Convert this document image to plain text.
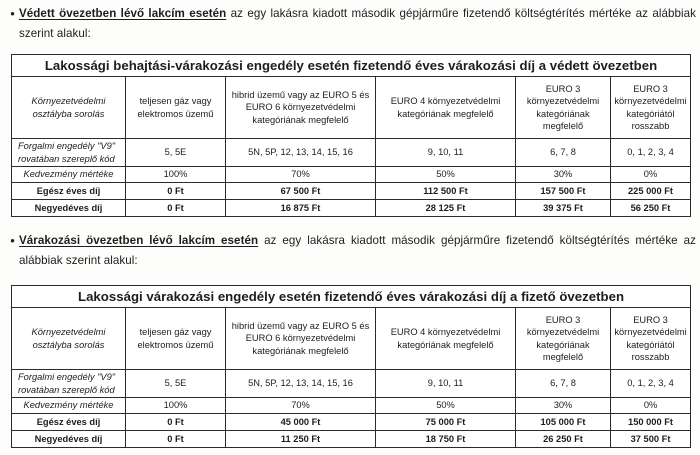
• Védett övezetben lévő lakcím esetén az egy lakásra kiadott második gépjárműre fizetendő költségtérítés mértéke az alábbiak szerint alakul:
Lakossági behajtási-várakozási engedély esetén fizetendő éves várakozási díj a védett övezetben					
Környezetvédelmi osztályba sorolás	teljesen gáz vagy elektromos üzemű	hibrid üzemű vagy az EURO 5 és EURO 6 környezetvédelmi kategóriának megfelelő	EURO 4 környezetvédelmi kategóriának megfelelő	EURO 3 környezetvédelmi kategóriának megfelelő	EURO 3 környezetvédelmi kategóriától rosszabb
Forgalmi engedély "V9" rovatában szereplő kód	5, 5E	5N, 5P, 12, 13, 14, 15, 16	9, 10, 11	6, 7, 8	0, 1, 2, 3, 4
Kedvezmény mértéke	100%	70%	50%	30%	0%
Egész éves díj	0 Ft	67 500 Ft	112 500 Ft	157 500 Ft	225 000 Ft
Negyedéves díj	0 Ft	16 875 Ft	28 125 Ft	39 375 Ft	56 250 Ft
• Várakozási övezetben lévő lakcím esetén az egy lakásra kiadott második gépjárműre fizetendő költségtérítés mértéke az alábbiak szerint alakul:
Lakossági várakozási engedély esetén fizetendő éves várakozási díj a fizető övezetben					
Környezetvédelmi osztályba sorolás	teljesen gáz vagy elektromos üzemű	hibrid üzemű vagy az EURO 5 és EURO 6 környezetvédelmi kategóriának megfelelő	EURO 4 környezetvédelmi kategóriának megfelelő	EURO 3 környezetvédelmi kategóriának megfelelő	EURO 3 környezetvédelmi kategóriától rosszabb
Forgalmi engedély "V9" rovatában szereplő kód	5, 5E	5N, 5P, 12, 13, 14, 15, 16	9, 10, 11	6, 7, 8	0, 1, 2, 3, 4
Kedvezmény mértéke	100%	70%	50%	30%	0%
Egész éves díj	0 Ft	45 000 Ft	75 000 Ft	105 000 Ft	150 000 Ft
Negyedéves díj	0 Ft	11 250 Ft	18 750 Ft	26 250 Ft	37 500 Ft
